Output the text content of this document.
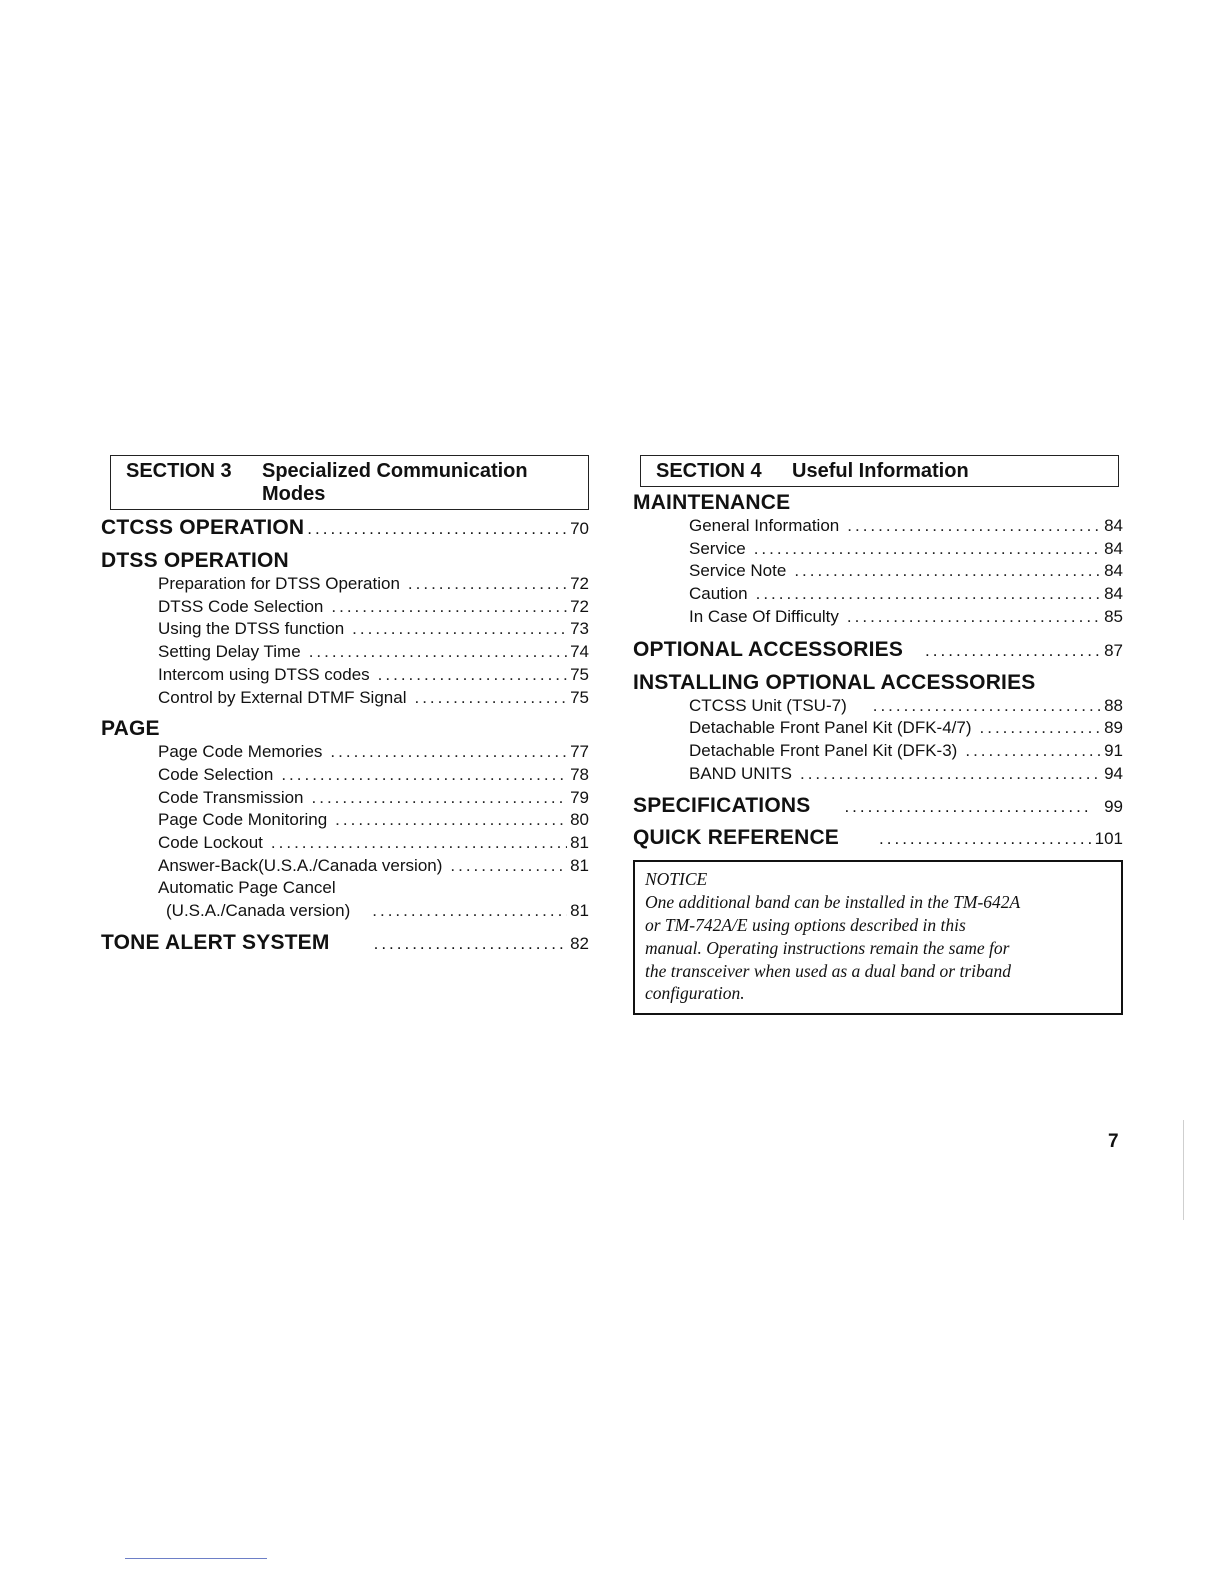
SECTION 3	Specialized Communication
Modes
CTCSS OPERATION .....	70
DTSS OPERATION
Preparation for DTSS Operation .....	72
DTSS Code Selection .....	72
Using the DTSS function .....	73
Setting Delay Time .....	74
Intercom using DTSS codes .....	75
Control by External DTMF Signal .....	75
PAGE
Page Code Memories .....	77
Code Selection .....	78
Code Transmission .....	79
Page Code Monitoring .....	80
Code Lockout .....	81
Answer-Back(U.S.A./Canada version) .....	81
Automatic Page Cancel
(U.S.A./Canada version) .....	81
TONE ALERT SYSTEM .....	82
SECTION 4	Useful Information
MAINTENANCE
General Information .....	84
Service .....	84
Service Note .....	84
Caution .....	84
In Case Of Difficulty .....	85
OPTIONAL ACCESSORIES .....	87
INSTALLING OPTIONAL ACCESSORIES
CTCSS Unit (TSU-7) .....	88
Detachable Front Panel Kit (DFK-4/7) .....	89
Detachable Front Panel Kit (DFK-3) .....	91
BAND UNITS .....	94
SPECIFICATIONS .....	99
QUICK REFERENCE .....	101
NOTICE
One additional band can be installed in the TM-642A
or TM-742A/E using options described in this
manual. Operating instructions remain the same for
the transceiver when used as a dual band or triband
configuration.
7
